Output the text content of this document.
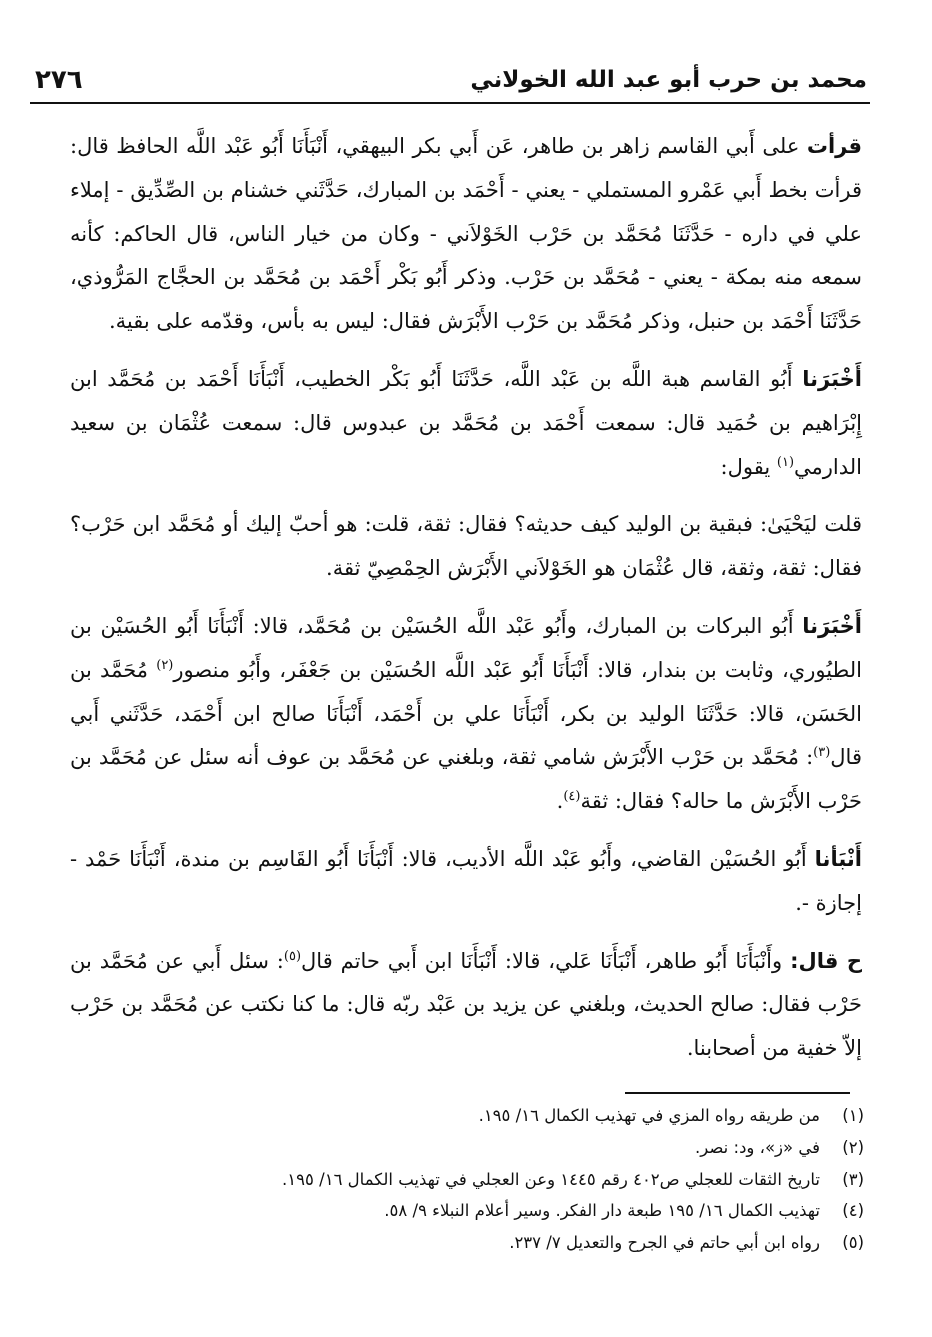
محمد بن حرب أبو عبد الله الخولاني
٢٧٦

قرأت على أَبي القاسم زاهر بن طاهر، عَن أَبي بكر البيهقي، أَنْبَأَنَا أَبُو عَبْد اللَّه الحافظ قال: قرأت بخط أَبي عَمْرو المستملي - يعني - أَحْمَد بن المبارك، حَدَّثَني خشنام بن الصِّدِّيق - إملاء علي في داره - حَدَّثَنَا مُحَمَّد بن حَرْب الخَوْلاَني - وكان من خيار الناس، قال الحاكم: كأنه سمعه منه بمكة - يعني - مُحَمَّد بن حَرْب. وذكر أَبُو بَكْر أَحْمَد بن مُحَمَّد بن الحجَّاج المَرُّوذي، حَدَّثَنَا أَحْمَد بن حنبل، وذكر مُحَمَّد بن حَرْب الأَبْرَش فقال: ليس به بأس، وقدّمه على بقية.

أَخْبَرَنا أَبُو القاسم هبة اللَّه بن عَبْد اللَّه، حَدَّثَنَا أَبُو بَكْر الخطيب، أَنْبَأَنَا أَحْمَد بن مُحَمَّد ابن إِبْرَاهيم بن حُمَيد قال: سمعت أَحْمَد بن مُحَمَّد بن عبدوس قال: سمعت عُثْمَان بن سعيد الدارمي$^{(١)}$ يقول:

قلت ليَحْيَىٰ: فبقية بن الوليد كيف حديثه؟ فقال: ثقة، قلت: هو أحبّ إليك أو مُحَمَّد ابن حَرْب؟ فقال: ثقة، وثقة، قال عُثْمَان هو الخَوْلاَني الأَبْرَش الحِمْصِيّ ثقة.

أَخْبَرَنا أَبُو البركات بن المبارك، وأَبُو عَبْد اللَّه الحُسَيْن بن مُحَمَّد، قالا: أَنْبَأَنَا أَبُو الحُسَيْن بن الطيُوري، وثابت بن بندار، قالا: أَنْبَأَنَا أَبُو عَبْد اللَّه الحُسَيْن بن جَعْفَر، وأَبُو منصور$^{(٢)}$ مُحَمَّد بن الحَسَن، قالا: حَدَّثَنَا الوليد بن بكر، أَنْبَأَنَا علي بن أَحْمَد، أَنْبَأَنَا صالح ابن أَحْمَد، حَدَّثَني أَبي قال$^{(٣)}$: مُحَمَّد بن حَرْب الأَبْرَش شامي ثقة، وبلغني عن مُحَمَّد بن عوف أنه سئل عن مُحَمَّد بن حَرْب الأَبْرَش ما حاله؟ فقال: ثقة$^{(٤)}$.

أَنْبَأنا أَبُو الحُسَيْن القاضي، وأَبُو عَبْد اللَّه الأديب، قالا: أَنْبَأَنَا أَبُو القَاسِم بن مندة، أَنْبَأَنَا حَمْد - إجازة -.

ح قال: وأَنْبَأَنَا أَبُو طاهر، أَنْبَأَنَا عَلي، قالا: أَنْبَأَنَا ابن أَبي حاتم قال$^{(٥)}$: سئل أَبي عن مُحَمَّد بن حَرْب فقال: صالح الحديث، وبلغني عن يزيد بن عَبْد ربّه قال: ما كنا نكتب عن مُحَمَّد بن حَرْب إلاّ خفية من أصحابنا.

(١)
من طريقه رواه المزي في تهذيب الكمال ١٦/ ١٩٥.
(٢)
في «ز»، ود: نصر.
(٣)
تاريخ الثقات للعجلي ص٤٠٢ رقم ١٤٤٥ وعن العجلي في تهذيب الكمال ١٦/ ١٩٥.
(٤)
تهذيب الكمال ١٦/ ١٩٥ طبعة دار الفكر. وسير أعلام النبلاء ٩/ ٥٨.
(٥)
رواه ابن أبي حاتم في الجرح والتعديل ٧/ ٢٣٧.
